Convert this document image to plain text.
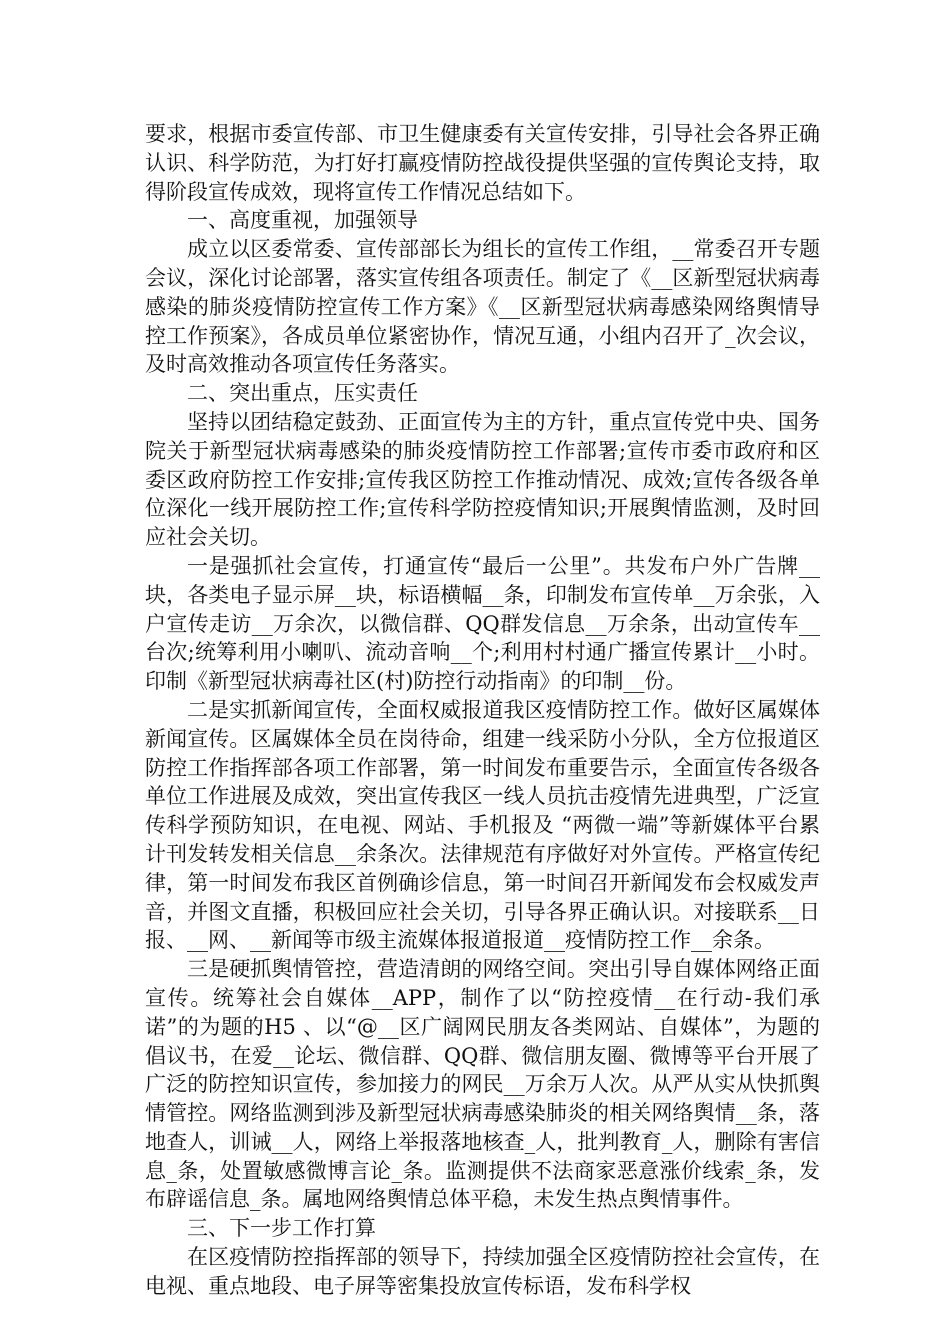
要求，根据市委宣传部、市卫生健康委有关宣传安排，引导社会各界正确认识、科学防范，为打好打赢疫情防控战役提供坚强的宣传舆论支持，取得阶段宣传成效，现将宣传工作情况总结如下。

一、高度重视，加强领导

成立以区委常委、宣传部部长为组长的宣传工作组，__常委召开专题会议，深化讨论部署，落实宣传组各项责任。制定了《__区新型冠状病毒感染的肺炎疫情防控宣传工作方案》《__区新型冠状病毒感染网络舆情导控工作预案》，各成员单位紧密协作，情况互通，小组内召开了_次会议，及时高效推动各项宣传任务落实。

二、突出重点，压实责任

坚持以团结稳定鼓劲、正面宣传为主的方针，重点宣传党中央、国务院关于新型冠状病毒感染的肺炎疫情防控工作部署;宣传市委市政府和区委区政府防控工作安排;宣传我区防控工作推动情况、成效;宣传各级各单位深化一线开展防控工作;宣传科学防控疫情知识;开展舆情监测，及时回应社会关切。

一是强抓社会宣传，打通宣传“最后一公里”。共发布户外广告牌__块，各类电子显示屏__块，标语横幅__条，印制发布宣传单__万余张，入户宣传走访__万余次，以微信群、QQ群发信息__万余条，出动宣传车__台次;统筹利用小喇叭、流动音响__个;利用村村通广播宣传累计__小时。印制《新型冠状病毒社区(村)防控行动指南》的印制__份。

二是实抓新闻宣传，全面权威报道我区疫情防控工作。做好区属媒体新闻宣传。区属媒体全员在岗待命，组建一线采防小分队，全方位报道区防控工作指挥部各项工作部署，第一时间发布重要告示，全面宣传各级各单位工作进展及成效，突出宣传我区一线人员抗击疫情先进典型，广泛宣传科学预防知识，在电视、网站、手机报及 “两微一端”等新媒体平台累计刊发转发相关信息__余条次。法律规范有序做好对外宣传。严格宣传纪律，第一时间发布我区首例确诊信息，第一时间召开新闻发布会权威发声音，并图文直播，积极回应社会关切，引导各界正确认识。对接联系__日报、__网、__新闻等市级主流媒体报道报道__疫情防控工作__余条。

三是硬抓舆情管控，营造清朗的网络空间。突出引导自媒体网络正面宣传。统筹社会自媒体__APP，制作了以“防控疫情__在行动-我们承诺”的为题的H5 、以“@__区广阔网民朋友各类网站、自媒体”，为题的倡议书，在爱__论坛、微信群、QQ群、微信朋友圈、微博等平台开展了广泛的防控知识宣传，参加接力的网民__万余万人次。从严从实从快抓舆情管控。网络监测到涉及新型冠状病毒感染肺炎的相关网络舆情__条，落地查人，训诫__人，网络上举报落地核查_人，批判教育_人，删除有害信息_条，处置敏感微博言论_条。监测提供不法商家恶意涨价线索_条，发布辟谣信息_条。属地网络舆情总体平稳，未发生热点舆情事件。

三、下一步工作打算

在区疫情防控指挥部的领导下，持续加强全区疫情防控社会宣传，在电视、重点地段、电子屏等密集投放宣传标语，发布科学权
